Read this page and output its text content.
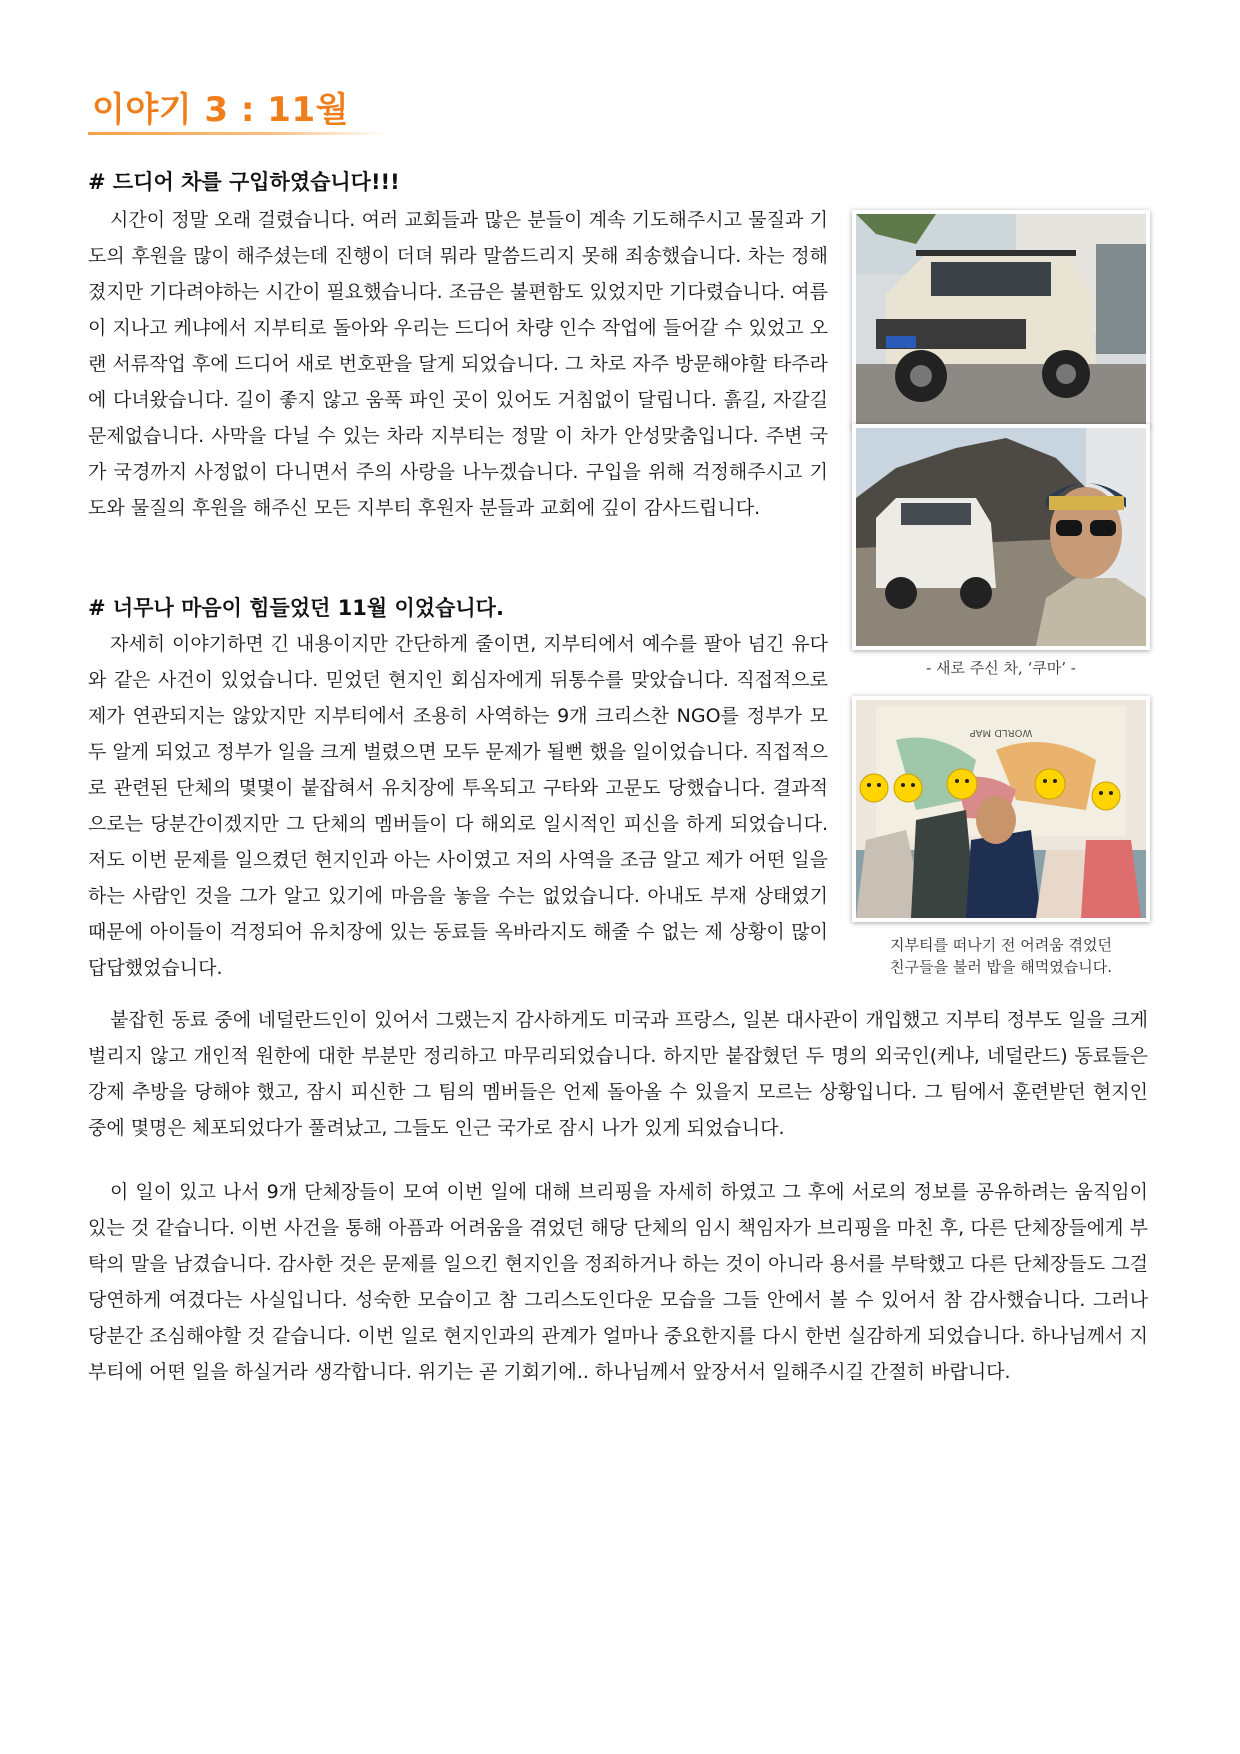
이야기 3 : 11월
# 드디어 차를 구입하였습니다!!!

시간이 정말 오래 걸렸습니다. 여러 교회들과 많은 분들이 계속 기도해주시고 물질과 기도의 후원을 많이 해주셨는데 진행이 더뎌 뭐라 말씀드리지 못해 죄송했습니다. 차는 정해졌지만 기다려야하는 시간이 필요했습니다. 조금은 불편함도 있었지만 기다렸습니다. 여름이 지나고 케냐에서 지부티로 돌아와 우리는 드디어 차량 인수 작업에 들어갈 수 있었고 오랜 서류작업 후에 드디어 새로 번호판을 달게 되었습니다. 그 차로 자주 방문해야할 타주라에 다녀왔습니다. 길이 좋지 않고 움푹 파인 곳이 있어도 거침없이 달립니다. 흙길, 자갈길 문제없습니다. 사막을 다닐 수 있는 차라 지부티는 정말 이 차가 안성맞춤입니다. 주변 국가 국경까지 사정없이 다니면서 주의 사랑을 나누겠습니다. 구입을 위해 걱정해주시고 기도와 물질의 후원을 해주신 모든 지부티 후원자 분들과 교회에 깊이 감사드립니다.

# 너무나 마음이 힘들었던 11월 이었습니다.

자세히 이야기하면 긴 내용이지만 간단하게 줄이면, 지부티에서 예수를 팔아 넘긴 유다와 같은 사건이 있었습니다. 믿었던 현지인 회심자에게 뒤통수를 맞았습니다. 직접적으로 제가 연관되지는 않았지만 지부티에서 조용히 사역하는 9개 크리스찬 NGO를 정부가 모두 알게 되었고 정부가 일을 크게 벌렸으면 모두 문제가 될뻔 했을 일이었습니다. 직접적으로 관련된 단체의 몇몇이 붙잡혀서 유치장에 투옥되고 구타와 고문도 당했습니다. 결과적으로는 당분간이겠지만 그 단체의 멤버들이 다 해외로 일시적인 피신을 하게 되었습니다. 저도 이번 문제를 일으켰던 현지인과 아는 사이였고 저의 사역을 조금 알고 제가 어떤 일을 하는 사람인 것을 그가 알고 있기에 마음을 놓을 수는 없었습니다. 아내도 부재 상태였기 때문에 아이들이 걱정되어 유치장에 있는 동료들 옥바라지도 해줄 수 없는 제 상황이 많이 답답했었습니다.

붙잡힌 동료 중에 네덜란드인이 있어서 그랬는지 감사하게도 미국과 프랑스, 일본 대사관이 개입했고 지부티 정부도 일을 크게 벌리지 않고 개인적 원한에 대한 부분만 정리하고 마무리되었습니다. 하지만 붙잡혔던 두 명의 외국인(케냐, 네덜란드) 동료들은 강제 추방을 당해야 했고, 잠시 피신한 그 팀의 멤버들은 언제 돌아올 수 있을지 모르는 상황입니다. 그 팀에서 훈련받던 현지인 중에 몇명은 체포되었다가 풀려났고, 그들도 인근 국가로 잠시 나가 있게 되었습니다.

이 일이 있고 나서 9개 단체장들이 모여 이번 일에 대해 브리핑을 자세히 하였고 그 후에 서로의 정보를 공유하려는 움직임이 있는 것 같습니다. 이번 사건을 통해 아픔과 어려움을 겪었던 해당 단체의 임시 책임자가 브리핑을 마친 후, 다른 단체장들에게 부탁의 말을 남겼습니다. 감사한 것은 문제를 일으킨 현지인을 정죄하거나 하는 것이 아니라 용서를 부탁했고 다른 단체장들도 그걸 당연하게 여겼다는 사실입니다. 성숙한 모습이고 참 그리스도인다운 모습을 그들 안에서 볼 수 있어서 참 감사했습니다. 그러나 당분간 조심해야할 것 같습니다. 이번 일로 현지인과의 관계가 얼마나 중요한지를 다시 한번 실감하게 되었습니다. 하나님께서 지부티에 어떤 일을 하실거라 생각합니다. 위기는 곧 기회기에.. 하나님께서 앞장서서 일해주시길 간절히 바랍니다.

- 새로 주신 차, ‘쿠마’ -

WORLD MAP

지부티를 떠나기 전 어려움 겪었던

친구들을 불러 밥을 해먹였습니다.
